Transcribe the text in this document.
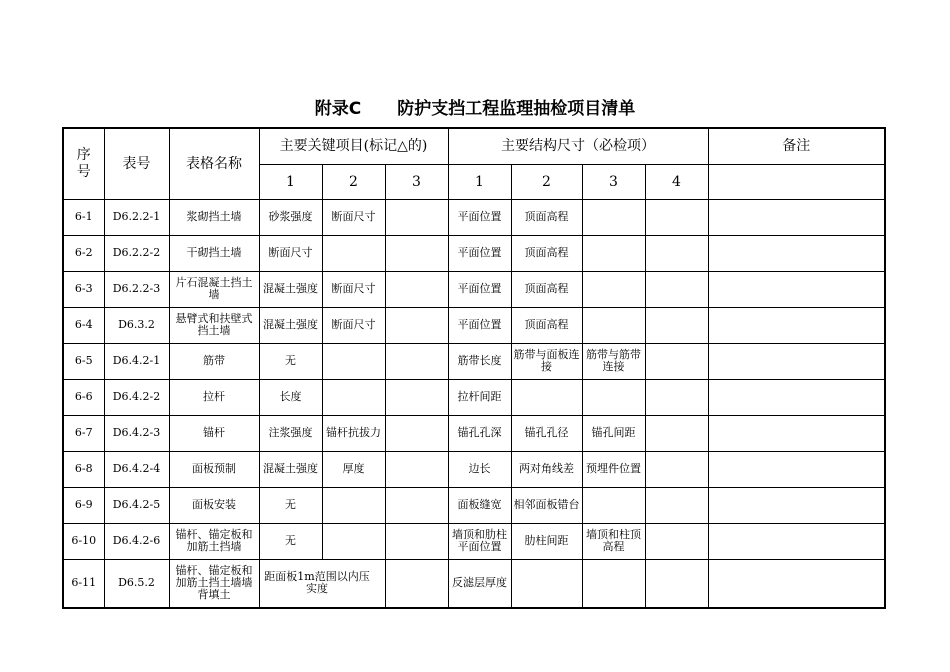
附录C 防护支挡工程监理抽检项目清单
序号	表号	表格名称	主要关键项目(标记△的)			主要结构尺寸（必检项）				备注
			1	2	3	1	2	3	4	
6-1	D6.2.2-1	浆砌挡土墙	砂浆强度	断面尺寸		平面位置	顶面高程			
6-2	D6.2.2-2	干砌挡土墙	断面尺寸			平面位置	顶面高程			
6-3	D6.2.2-3	片石混凝土挡土墙	混凝土强度	断面尺寸		平面位置	顶面高程			
6-4	D6.3.2	悬臂式和扶壁式挡土墙	混凝土强度	断面尺寸		平面位置	顶面高程			
6-5	D6.4.2-1	筋带	无			筋带长度	筋带与面板连接	筋带与筋带连接		
6-6	D6.4.2-2	拉杆	长度			拉杆间距				
6-7	D6.4.2-3	锚杆	注浆强度	锚杆抗拔力		锚孔孔深	锚孔孔径	锚孔间距		
6-8	D6.4.2-4	面板预制	混凝土强度	厚度		边长	两对角线差	预埋件位置		
6-9	D6.4.2-5	面板安装	无			面板缝宽	相邻面板错台			
6-10	D6.4.2-6	锚杆、锚定板和加筋土挡墙	无			墙顶和肋柱平面位置	肋柱间距	墙顶和柱顶高程		
6-11	D6.5.2	锚杆、锚定板和加筋土挡土墙墙背填土	距面板1m范围以内压实度			反滤层厚度				
